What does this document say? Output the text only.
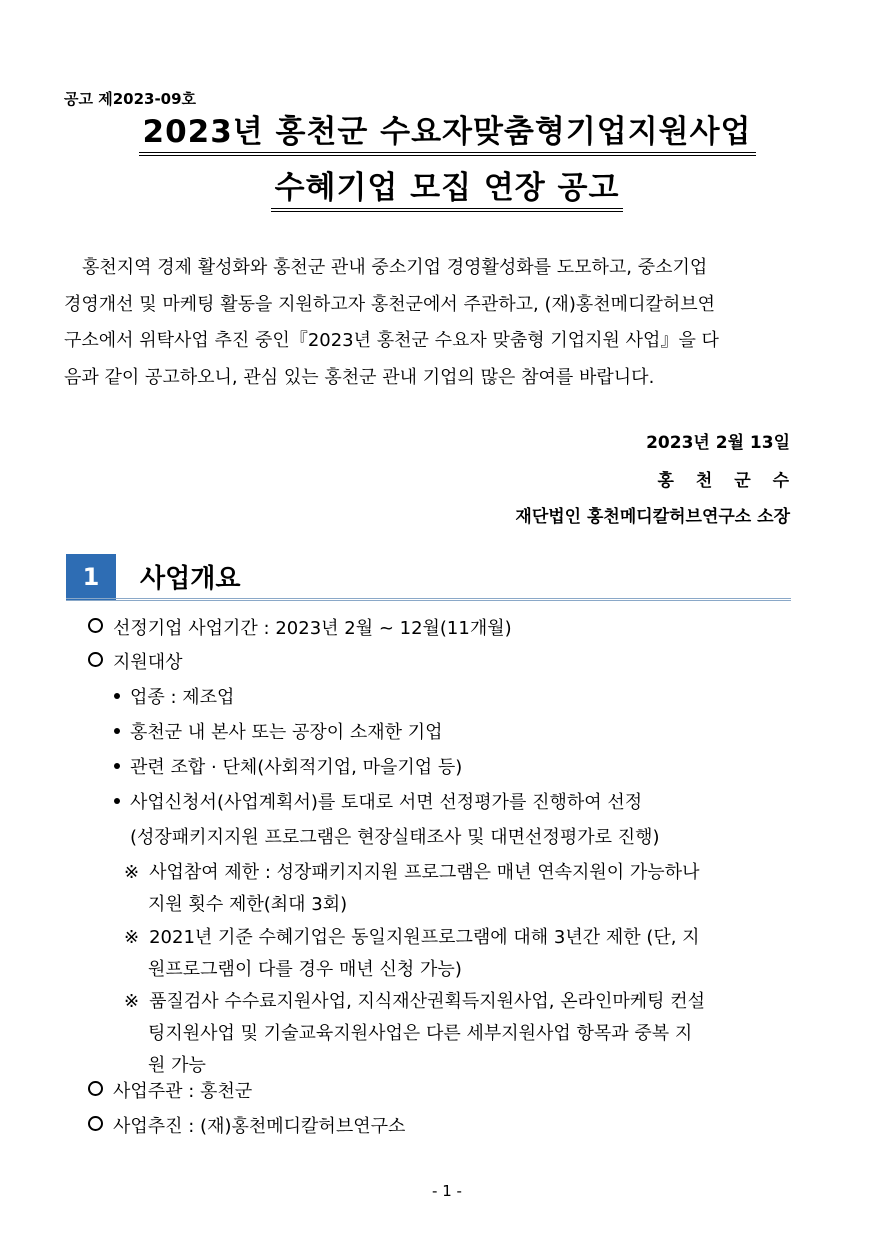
공고 제2023-09호
2023년 홍천군 수요자맞춤형기업지원사업
수혜기업 모집 연장 공고
홍천지역 경제 활성화와 홍천군 관내 중소기업 경영활성화를 도모하고, 중소기업
경영개선 및 마케팅 활동을 지원하고자 홍천군에서 주관하고, (재)홍천메디칼허브연
구소에서 위탁사업 추진 중인『2023년 홍천군 수요자 맞춤형 기업지원 사업』을 다
음과 같이 공고하오니, 관심 있는 홍천군 관내 기업의 많은 참여를 바랍니다.
2023년 2월 13일
홍 천 군 수
재단법인 홍천메디칼허브연구소 소장
1	사업개요
선정기업 사업기간 : 2023년 2월 ~ 12월(11개월)
지원대상
업종 : 제조업
홍천군 내 본사 또는 공장이 소재한 기업
관련 조합 · 단체(사회적기업, 마을기업 등)
사업신청서(사업계획서)를 토대로 서면 선정평가를 진행하여 선정
(성장패키지지원 프로그램은 현장실태조사 및 대면선정평가로 진행)
※ 사업참여 제한 : 성장패키지지원 프로그램은 매년 연속지원이 가능하나
지원 횟수 제한(최대 3회)
※ 2021년 기준 수혜기업은 동일지원프로그램에 대해 3년간 제한 (단, 지
원프로그램이 다를 경우 매년 신청 가능)
※ 품질검사 수수료지원사업, 지식재산권획득지원사업, 온라인마케팅 컨설
팅지원사업 및 기술교육지원사업은 다른 세부지원사업 항목과 중복 지
원 가능
사업주관 : 홍천군
사업추진 : (재)홍천메디칼허브연구소
- 1 -
